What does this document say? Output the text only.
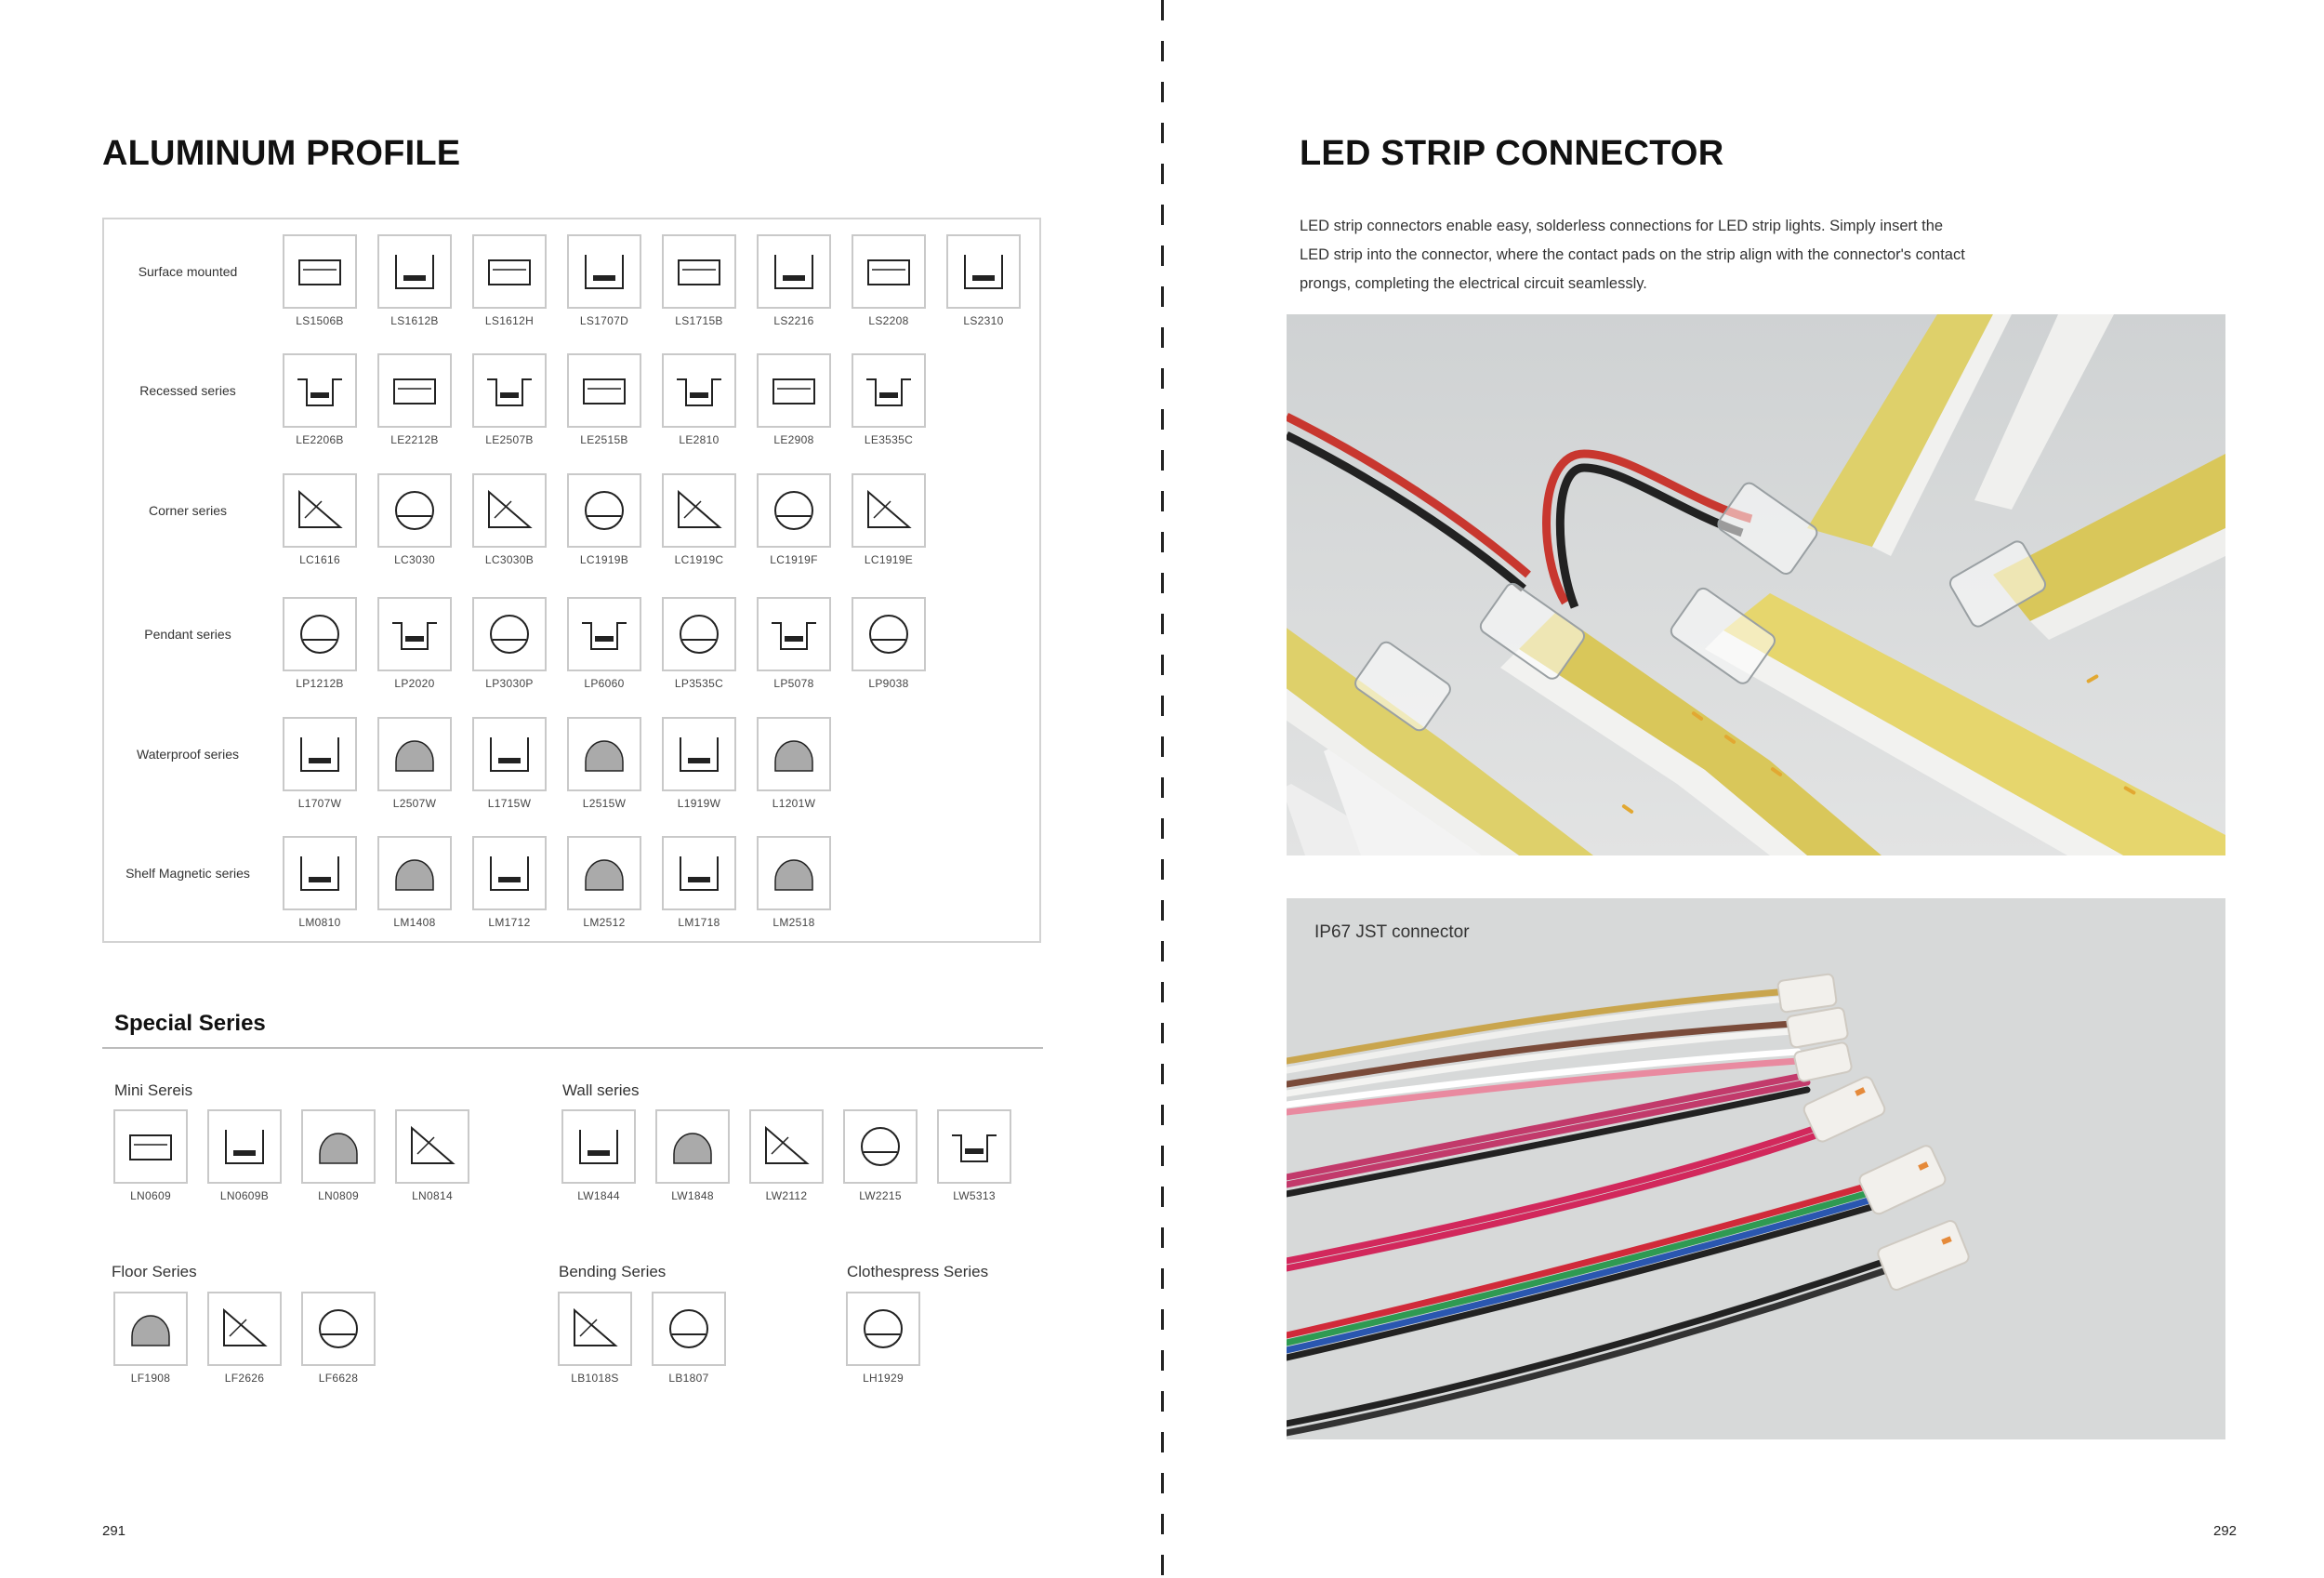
ALUMINUM PROFILE
Surface mounted
LS1506B	LS1612B	LS1612H	LS1707D	LS1715B	LS2216	LS2208	LS2310
Recessed series
LE2206B	LE2212B	LE2507B	LE2515B	LE2810	LE2908	LE3535C
Corner series
LC1616	LC3030	LC3030B	LC1919B	LC1919C	LC1919F	LC1919E
Pendant series
LP1212B	LP2020	LP3030P	LP6060	LP3535C	LP5078	LP9038
Waterproof series
L1707W	L2507W	L1715W	L2515W	L1919W	L1201W
Shelf Magnetic series
LM0810	LM1408	LM1712	LM2512	LM1718	LM2518
Special Series
Mini Sereis	Wall series
Floor Series	Bending Series	Clothespress Series
LN0609	LN0609B	LN0809	LN0814	LW1844	LW1848	LW2112	LW2215	LW5313
LF1908	LF2626	LF6628	LB1018S	LB1807	LH1929
291
LED STRIP CONNECTOR

LED strip connectors enable easy, solderless connections for LED strip lights. Simply insert the LED strip into the connector, where the contact pads on the strip align with the connector's contact prongs, completing the electrical circuit seamlessly.

IP67 JST connector
292
